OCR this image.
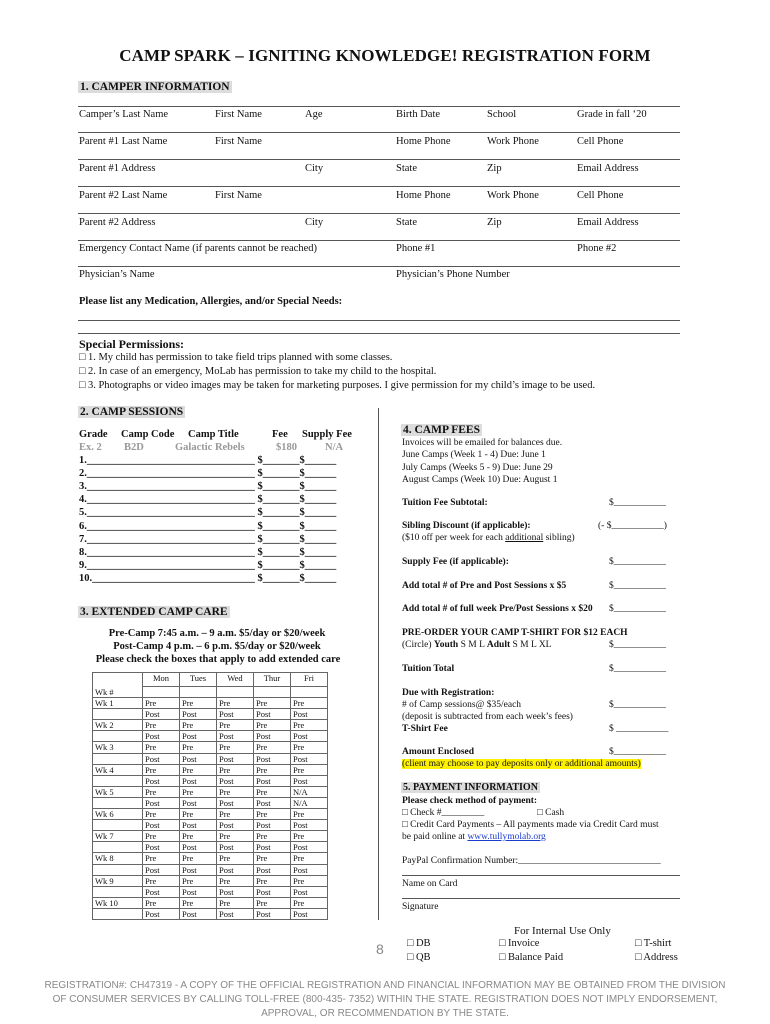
CAMP SPARK – IGNITING KNOWLEDGE! REGISTRATION FORM
1. CAMPER INFORMATION
Camper’s Last Name	First Name	Age	Birth Date	School	Grade in fall ‘20
Parent #1 Last Name	First Name	Home Phone	Work Phone	Cell Phone
Parent #1 Address	City	State	Zip	Email Address
Parent #2 Last Name	First Name	Home Phone	Work Phone	Cell Phone
Parent #2 Address	City	State	Zip	Email Address
Emergency Contact Name (if parents cannot be reached)	Phone #1	Phone #2
Physician’s Name	Physician’s Phone Number
Please list any Medication, Allergies, and/or Special Needs:
Special Permissions:
□ 1. My child has permission to take field trips planned with some classes.
□ 2. In case of an emergency, MoLab has permission to take my child to the hospital.
□ 3. Photographs or video images may be taken for marketing purposes. I give permission for my child’s image to be used.
2. CAMP SESSIONS
Grade Camp Code Camp Title	Fee Supply Fee
Ex. 2 B2D	Galactic Rebels	$180	N/A
1.________________________________ $_______$______
2.________________________________ $_______$______
3.________________________________ $_______$______
4.________________________________ $_______$______
5.________________________________ $_______$______
6.________________________________ $_______$______
7.________________________________ $_______$______
8.________________________________ $_______$______
9.________________________________ $_______$______
10._______________________________ $_______$______
3. EXTENDED CAMP CARE
Pre-Camp 7:45 a.m. – 9 a.m. $5/day or $20/week
Post-Camp 4 p.m. – 6 p.m. $5/day or $20/week
Please check the boxes that apply to add extended care
	Mon	Tues	Wed	Thur	Fri
Wk #					
Wk 1	Pre	Pre	Pre	Pre	Pre
	Post	Post	Post	Post	Post
Wk 2	Pre	Pre	Pre	Pre	Pre
	Post	Post	Post	Post	Post
Wk 3	Pre	Pre	Pre	Pre	Pre
	Post	Post	Post	Post	Post
Wk 4	Pre	Pre	Pre	Pre	Pre
	Post	Post	Post	Post	Post
Wk 5	Pre	Pre	Pre	Pre	N/A
	Post	Post	Post	Post	N/A
Wk 6	Pre	Pre	Pre	Pre	Pre
	Post	Post	Post	Post	Post
Wk 7	Pre	Pre	Pre	Pre	Pre
	Post	Post	Post	Post	Post
Wk 8	Pre	Pre	Pre	Pre	Pre
	Post	Post	Post	Post	Post
Wk 9	Pre	Pre	Pre	Pre	Pre
	Post	Post	Post	Post	Post
Wk 10	Pre	Pre	Pre	Pre	Pre
	Post	Post	Post	Post	Post
4. CAMP FEES
Invoices will be emailed for balances due.
June Camps (Week 1 - 4) Due: June 1
July Camps (Weeks 5 - 9) Due: June 29
August Camps (Week 10) Due: August 1
Tuition Fee Subtotal:	$___________
Sibling Discount (if applicable):	(- $___________)
($10 off per week for each additional sibling)
Supply Fee (if applicable):	$___________
Add total # of Pre and Post Sessions x $5	$___________
Add total # of full week Pre/Post Sessions x $20 $___________
PRE-ORDER YOUR CAMP T-SHIRT FOR $12 EACH
(Circle) Youth S M L Adult S M L XL	$___________
Tuition Total	$___________
Due with Registration:
# of Camp sessions@ $35/each	$___________
(deposit is subtracted from each week’s fees)
T-Shirt Fee	$ ___________
Amount Enclosed	$___________
(client may choose to pay deposits only or additional amounts)
5. PAYMENT INFORMATION
Please check method of payment:
□ Check #_________	□ Cash
□ Credit Card Payments – All payments made via Credit Card must
be paid online at www.tullymolab.org
PayPal Confirmation Number:______________________________
Name on Card
Signature
For Internal Use Only
□ DB
□ QB
□ Invoice
□ Balance Paid
□ T-shirt
□ Address
8
REGISTRATION#: CH47319 - A COPY OF THE OFFICIAL REGISTRATION AND FINANCIAL INFORMATION MAY BE OBTAINED FROM THE DIVISION OF CONSUMER SERVICES BY CALLING TOLL-FREE (800-435- 7352) WITHIN THE STATE. REGISTRATION DOES NOT IMPLY ENDORSEMENT, APPROVAL, OR RECOMMENDATION BY THE STATE.
